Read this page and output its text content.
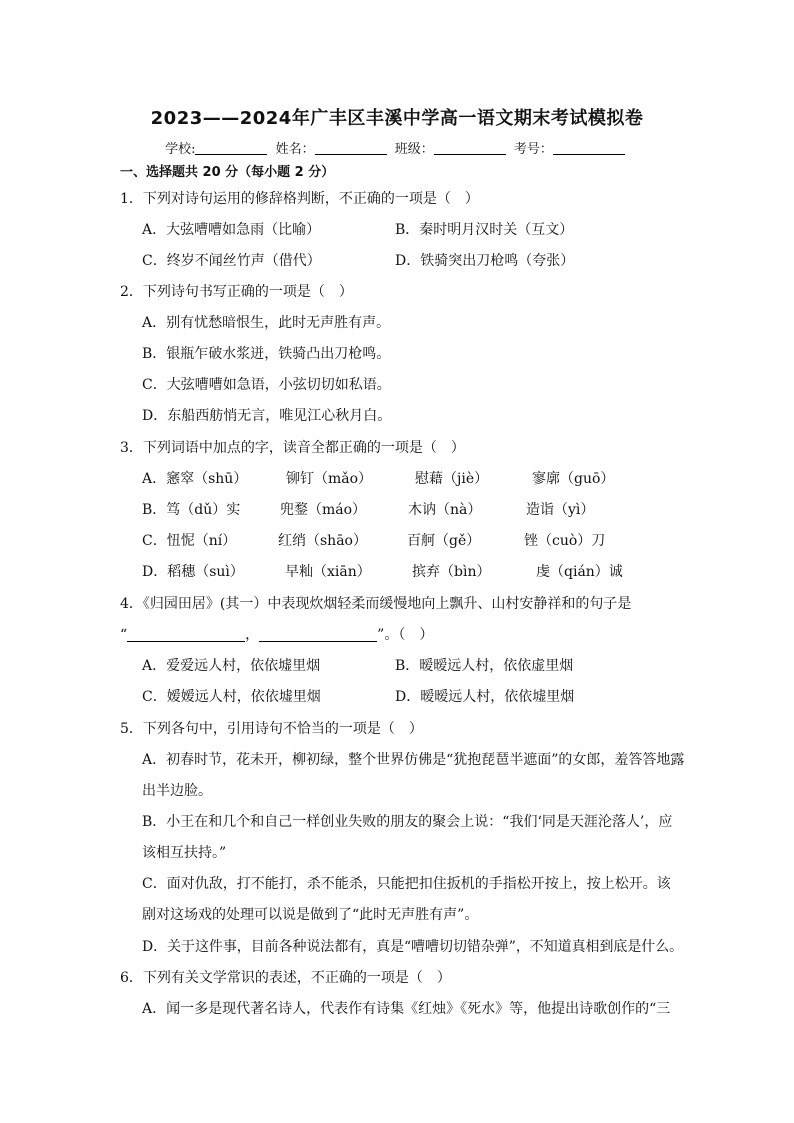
2023——2024年广丰区丰溪中学高一语文期末考试模拟卷
学校:	姓名：	班级：	考号：
一、选择题共 20 分（每小题 2 分）
1．下列对诗句运用的修辞格判断，不正确的一项是（　）
A．大弦嘈嘈如急雨（比喻）	B．秦时明月汉时关（互文）
C．终岁不闻丝竹声（借代）	D．铁骑突出刀枪鸣（夸张）
2．下列诗句书写正确的一项是（　）
A．别有忧愁暗恨生，此时无声胜有声。
B．银瓶乍破水浆迸，铁骑凸出刀枪鸣。
C．大弦嘈嘈如急语，小弦切切如私语。
D．东船西舫悄无言，唯见江心秋月白。
3．下列词语中加点的字，读音全都正确的一项是（　）
A．窸窣（shū）	铆钉（mǎo）	慰藉（jiè）	寥廓（guō）
B．笃（dǔ）实	兜鍪（máo）	木讷（nà）	造诣（yì）
C．忸怩（ní）	红绡（shāo）	百舸（gě）	锉（cuò）刀
D．稻穗（suì）	早籼（xiān）	摈弃（bìn）	虔（qián）诚
4．《归园田居》(其一）中表现炊烟轻柔而缓慢地向上飘升、山村安静祥和的句子是
“	，	”。（　）
A．爱爱远人村，依依墟里烟	B．暧暧远人村，依依虚里烟
C．嫒嫒远人村，依依墟里烟	D．暧暧远人村，依依墟里烟
5．下列各句中，引用诗句不恰当的一项是（　）
A．初春时节，花未开，柳初绿，整个世界仿佛是“犹抱琵琶半遮面”的女郎，羞答答地露
出半边脸。
B．小王在和几个和自己一样创业失败的朋友的聚会上说：“我们‘同是天涯沦落人’，应
该相互扶持。”
C．面对仇敌，打不能打，杀不能杀，只能把扣住扳机的手指松开按上，按上松开。该
剧对这场戏的处理可以说是做到了“此时无声胜有声”。
D．关于这件事，目前各种说法都有，真是“嘈嘈切切错杂弹”，不知道真相到底是什么。
6．下列有关文学常识的表述，不正确的一项是（　）
A．闻一多是现代著名诗人，代表作有诗集《红烛》《死水》等，他提出诗歌创作的“三
